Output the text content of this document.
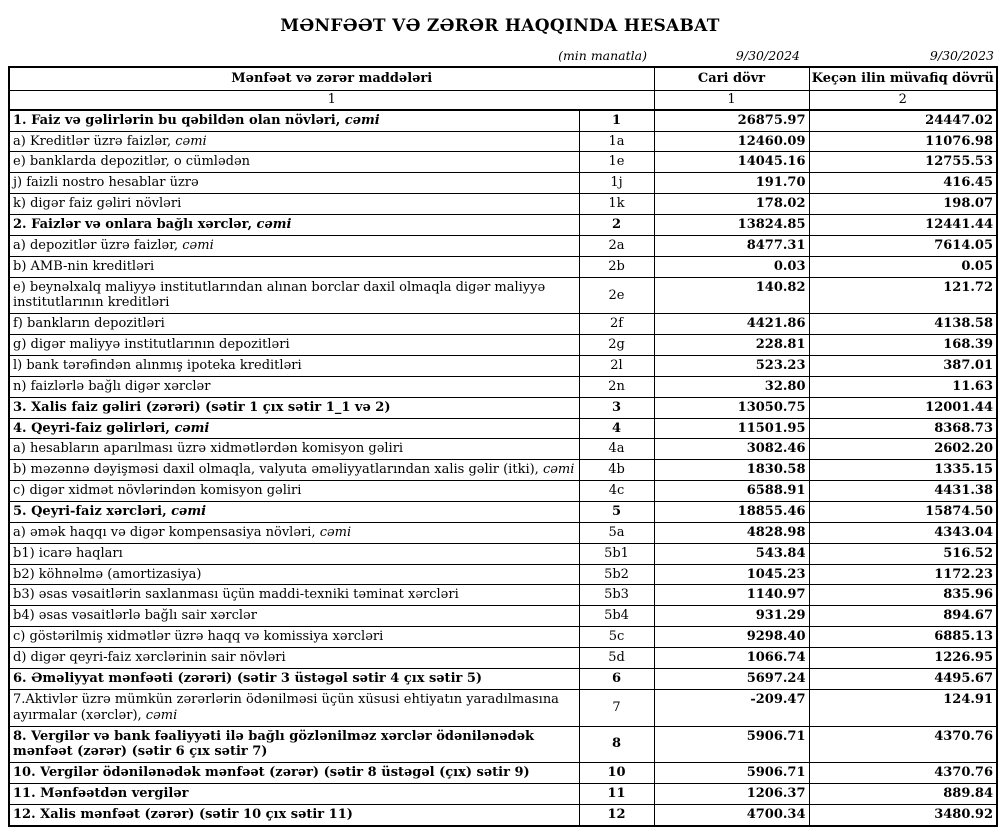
MƏNFƏƏT VƏ ZƏRƏR HAQQINDA HESABAT
(min manatla)	9/30/2024	9/30/2023
Mənfəət və zərər maddələri		Cari dövr	Keçən ilin müvafiq dövrü
1		1	2
1. Faiz və gəlirlərin bu qəbildən olan növləri, cəmi	1	26875.97	24447.02
a) Kreditlər üzrə faizlər, cəmi	1a	12460.09	11076.98
e) banklarda depozitlər, o cümlədən	1e	14045.16	12755.53
j) faizli nostro hesablar üzrə	1j	191.70	416.45
k) digər faiz gəliri növləri	1k	178.02	198.07
2. Faizlər və onlara bağlı xərclər, cəmi	2	13824.85	12441.44
a) depozitlər üzrə faizlər, cəmi	2a	8477.31	7614.05
b) AMB-nin kreditləri	2b	0.03	0.05
e) beynəlxalq maliyyə institutlarından alınan borclar daxil olmaqla digər maliyyə institutlarının kreditləri	2e	140.82	121.72
f) bankların depozitləri	2f	4421.86	4138.58
g) digər maliyyə institutlarının depozitləri	2g	228.81	168.39
l) bank tərəfindən alınmış ipoteka kreditləri	2l	523.23	387.01
n) faizlərlə bağlı digər xərclər	2n	32.80	11.63
3. Xalis faiz gəliri (zərəri) (sətir 1 çıx sətir 1_1 və 2)	3	13050.75	12001.44
4. Qeyri-faiz gəlirləri, cəmi	4	11501.95	8368.73
a) hesabların aparılması üzrə xidmətlərdən komisyon gəliri	4a	3082.46	2602.20
b) məzənnə dəyişməsi daxil olmaqla, valyuta əməliyyatlarından xalis gəlir (itki), cəmi	4b	1830.58	1335.15
c) digər xidmət növlərindən komisyon gəliri	4c	6588.91	4431.38
5. Qeyri-faiz xərcləri, cəmi	5	18855.46	15874.50
a) əmək haqqı və digər kompensasiya növləri, cəmi	5a	4828.98	4343.04
b1) icarə haqları	5b1	543.84	516.52
b2) köhnəlmə (amortizasiya)	5b2	1045.23	1172.23
b3) əsas vəsaitlərin saxlanması üçün maddi-texniki təminat xərcləri	5b3	1140.97	835.96
b4) əsas vəsaitlərlə bağlı sair xərclər	5b4	931.29	894.67
c) göstərilmiş xidmətlər üzrə haqq və komissiya xərcləri	5c	9298.40	6885.13
d) digər qeyri-faiz xərclərinin sair növləri	5d	1066.74	1226.95
6. Əməliyyat mənfəəti (zərəri) (sətir 3 üstəgəl sətir 4 çıx sətir 5)	6	5697.24	4495.67
7.Aktivlər üzrə mümkün zərərlərin ödənilməsi üçün xüsusi ehtiyatın yaradılmasına ayırmalar (xərclər), cəmi	7	-209.47	124.91
8. Vergilər və bank fəaliyyəti ilə bağlı gözlənilməz xərclər ödənilənədək mənfəət (zərər) (sətir 6 çıx sətir 7)	8	5906.71	4370.76
10. Vergilər ödənilənədək mənfəət (zərər) (sətir 8 üstəgəl (çıx) sətir 9)	10	5906.71	4370.76
11. Mənfəətdən vergilər	11	1206.37	889.84
12. Xalis mənfəət (zərər) (sətir 10 çıx sətir 11)	12	4700.34	3480.92
